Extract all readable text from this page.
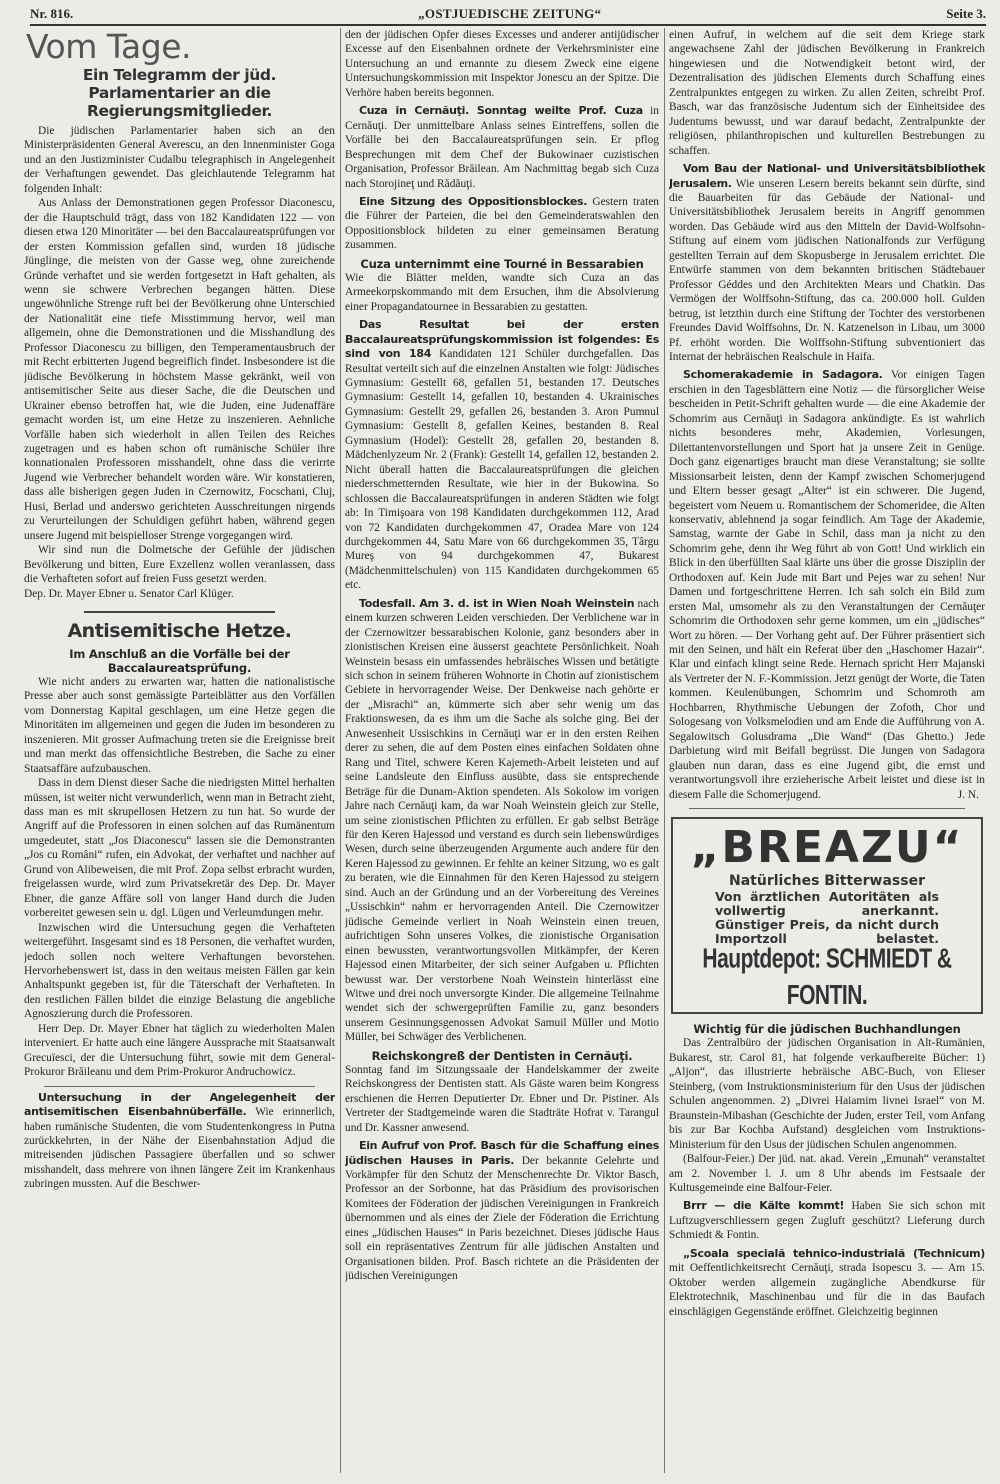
Nr. 816.	„OSTJUEDISCHE ZEITUNG“	Seite 3.
Vom Tage.
Ein Telegramm der jüd. Parlamentarier an die Regierungsmitglieder.

Die jüdischen Parlamentarier haben sich an den Ministerpräsidenten General Averescu, an den Innenminister Goga und an den Justizminister Cudalbu telegraphisch in Angelegenheit der Verhaftungen gewendet. Das gleichlautende Telegramm hat folgenden Inhalt:

Aus Anlass der Demonstrationen gegen Professor Diaconescu, der die Hauptschuld trägt, dass von 182 Kandidaten 122 — von diesen etwa 120 Minoritäter — bei den Baccalaureatsprüfungen vor der ersten Kommission gefallen sind, wurden 18 jüdische Jünglinge, die meisten von der Gasse weg, ohne zureichende Gründe verhaftet und sie werden fortgesetzt in Haft gehalten, als wenn sie schwere Verbrechen begangen hätten. Diese ungewöhnliche Strenge ruft bei der Bevölkerung ohne Unterschied der Nationalität eine tiefe Misstimmung hervor, weil man allgemein, ohne die Demonstrationen und die Misshandlung des Professor Diaconescu zu billigen, den Temperamentausbruch der mit Recht erbitterten Jugend begreiflich findet. Insbesondere ist die jüdische Bevölkerung in höchstem Masse gekränkt, weil von antisemitischer Seite aus dieser Sache, die die Deutschen und Ukrainer ebenso betroffen hat, wie die Juden, eine Judenaffäre gemacht worden ist, um eine Hetze zu inszenieren. Aehnliche Vorfälle haben sich wiederholt in allen Teilen des Reiches zugetragen und es haben schon oft rumänische Schüler ihre konnationalen Professoren misshandelt, ohne dass die verirrte Jugend wie Verbrecher behandelt worden wäre. Wir konstatieren, dass alle bisherigen gegen Juden in Czernowitz, Focschani, Cluj, Husi, Berlad und anderswo gerichteten Ausschreitungen nirgends zu Verurteilungen der Schuldigen geführt haben, während gegen unsere Jugend mit beispielloser Strenge vorgegangen wird.

Wir sind nun die Dolmetsche der Gefühle der jüdischen Bevölkerung und bitten, Eure Exzellenz wollen veranlassen, dass die Verhafteten sofort auf freien Fuss gesetzt werden.

Dep. Dr. Mayer Ebner u. Senator Carl Klüger.

Antisemitische Hetze.
Im Anschluß an die Vorfälle bei der Baccalaureatsprüfung.

Wie nicht anders zu erwarten war, hatten die nationalistische Presse aber auch sonst gemässigte Parteiblätter aus den Vorfällen vom Donnerstag Kapital geschlagen, um eine Hetze gegen die Minoritäten im allgemeinen und gegen die Juden im besonderen zu inszenieren. Mit grosser Aufmachung treten sie die Ereignisse breit und man merkt das offensichtliche Bestreben, die Sache zu einer Staatsaffäre aufzubauschen.

Dass in dem Dienst dieser Sache die niedrigsten Mittel herhalten müssen, ist weiter nicht verwunderlich, wenn man in Betracht zieht, dass man es mit skrupellosen Hetzern zu tun hat. So wurde der Angriff auf die Professoren in einen solchen auf das Rumänentum umgedeutet, statt „Jos Diaconescu“ lassen sie die Demonstranten „Jos cu Români“ rufen, ein Advokat, der verhaftet und nachher auf Grund von Alibeweisen, die mit Prof. Zopa selbst erbracht wurden, freigelassen wurde, wird zum Privatsekretär des Dep. Dr. Mayer Ebner, die ganze Affäre soll von langer Hand durch die Juden vorbereitet gewesen sein u. dgl. Lügen und Verleumdungen mehr.

Inzwischen wird die Untersuchung gegen die Verhafteten weitergeführt. Insgesamt sind es 18 Personen, die verhaftet wurden, jedoch sollen noch weitere Verhaftungen bevorstehen. Hervorhebenswert ist, dass in den weitaus meisten Fällen gar kein Anhaltspunkt gegeben ist, für die Täterschaft der Verhafteten. In den restlichen Fällen bildet die einzige Belastung die angebliche Agnoszierung durch die Professoren.

Herr Dep. Dr. Mayer Ebner hat täglich zu wiederholten Malen interveniert. Er hatte auch eine längere Aussprache mit Staatsanwalt Grecuïesci, der die Untersuchung führt, sowie mit dem General-Prokuror Brăileanu und dem Prim-Prokuror Andruchowicz.

Untersuchung in der Angelegenheit der antisemitischen Eisenbahnüberfälle. Wie erinnerlich, haben rumänische Studenten, die vom Studentenkongress in Putna zurückkehrten, in der Nähe der Eisenbahnstation Adjud die mitreisenden jüdischen Passagiere überfallen und so schwer misshandelt, dass mehrere von ihnen längere Zeit im Krankenhaus zubringen mussten. Auf die Beschwer-

den der jüdischen Opfer dieses Excesses und anderer antijüdischer Excesse auf den Eisenbahnen ordnete der Verkehrsminister eine Untersuchung an und ernannte zu diesem Zweck eine eigene Untersuchungskommission mit Inspektor Jonescu an der Spitze. Die Verhöre haben bereits begonnen.

Cuza in Cernăuţi. Sonntag weilte Prof. Cuza in Cernăuţi. Der unmittelbare Anlass seines Eintreffens, sollen die Vorfälle bei den Baccalaureatsprüfungen sein. Er pflog Besprechungen mit dem Chef der Bukowinaer cuzistischen Organisation, Professor Brăilean. Am Nachmittag begab sich Cuza nach Storojineţ und Rădăuţi.

Eine Sitzung des Oppositionsblockes. Gestern traten die Führer der Parteien, die bei den Gemeinderatswahlen den Oppositionsblock bildeten zu einer gemeinsamen Beratung zusammen.

Cuza unternimmt eine Tourné in Bessarabien

Wie die Blätter melden, wandte sich Cuza an das Armeekorpskommando mit dem Ersuchen, ihm die Absolvierung einer Propagandatournee in Bessarabien zu gestatten.

Das Resultat bei der ersten Baccalaureatsprüfungskommission ist folgendes: Es sind von 184 Kandidaten 121 Schüler durchgefallen. Das Resultat verteilt sich auf die einzelnen Anstalten wie folgt: Jüdisches Gymnasium: Gestellt 68, gefallen 51, bestanden 17. Deutsches Gymnasium: Gestellt 14, gefallen 10, bestanden 4. Ukrainisches Gymnasium: Gestellt 29, gefallen 26, bestanden 3. Aron Pumnul Gymnasium: Gestellt 8, gefallen Keines, bestanden 8. Real Gymnasium (Hodel): Gestellt 28, gefallen 20, bestanden 8. Mädchenlyzeum Nr. 2 (Frank): Gestellt 14, gefallen 12, bestanden 2. Nicht überall hatten die Baccalaureatsprüfungen die gleichen niederschmetternden Resultate, wie hier in der Bukowina. So schlossen die Baccalaureatsprüfungen in anderen Städten wie folgt ab: In Timişoara von 198 Kandidaten durchgekommen 112, Arad von 72 Kandidaten durchgekommen 47, Oradea Mare von 124 durchgekommen 44, Satu Mare von 66 durchgekommen 35, Târgu Mureş von 94 durchgekommen 47, Bukarest (Mädchenmittelschulen) von 115 Kandidaten durchgekommen 65 etc.

Todesfall. Am 3. d. ist in Wien Noah Weinstein nach einem kurzen schweren Leiden verschieden. Der Verblichene war in der Czernowitzer bessarabischen Kolonie, ganz besonders aber in zionistischen Kreisen eine äusserst geachtete Persönlichkeit. Noah Weinstein besass ein umfassendes hebräisches Wissen und betätigte sich schon in seinem früheren Wohnorte in Chotin auf zionistischem Gebiete in hervorragender Weise. Der Denkweise nach gehörte er der „Misrachi“ an, kümmerte sich aber sehr wenig um das Fraktionswesen, da es ihm um die Sache als solche ging. Bei der Anwesenheit Ussischkins in Cernăuţi war er in den ersten Reihen derer zu sehen, die auf dem Posten eines einfachen Soldaten ohne Rang und Titel, schwere Keren Kajemeth-Arbeit leisteten und auf seine Landsleute den Einfluss ausübte, dass sie entsprechende Beträge für die Dunam-Aktion spendeten. Als Sokolow im vorigen Jahre nach Cernăuţi kam, da war Noah Weinstein gleich zur Stelle, um seine zionistischen Pflichten zu erfüllen. Er gab selbst Beträge für den Keren Hajessod und verstand es durch sein liebenswürdiges Wesen, durch seine überzeugenden Argumente auch andere für den Keren Hajessod zu gewinnen. Er fehlte an keiner Sitzung, wo es galt zu beraten, wie die Einnahmen für den Keren Hajessod zu steigern sind. Auch an der Gründung und an der Vorbereitung des Vereines „Ussischkin“ nahm er hervorragenden Anteil. Die Czernowitzer jüdische Gemeinde verliert in Noah Weinstein einen treuen, aufrichtigen Sohn unseres Volkes, die zionistische Organisation einen bewussten, verantwortungsvollen Mitkämpfer, der Keren Hajessod einen Mitarbeiter, der sich seiner Aufgaben u. Pflichten bewusst war. Der verstorbene Noah Weinstein hinterlässt eine Witwe und drei noch unversorgte Kinder. Die allgemeine Teilnahme wendet sich der schwergeprüften Familie zu, ganz besonders unserem Gesinnungsgenossen Advokat Samuil Müller und Motio Müller, bei Schwäger des Verblichenen.

Reichskongreß der Dentisten in Cernăuţi.

Sonntag fand im Sitzungssaale der Handelskammer der zweite Reichskongress der Dentisten statt. Als Gäste waren beim Kongress erschienen die Herren Deputierter Dr. Ebner und Dr. Pistiner. Als Vertreter der Stadtgemeinde waren die Stadträte Hofrat v. Tarangul und Dr. Kassner anwesend.

Ein Aufruf von Prof. Basch für die Schaffung eines jüdischen Hauses in Paris. Der bekannte Gelehrte und Vorkämpfer für den Schutz der Menschenrechte Dr. Viktor Basch, Professor an der Sorbonne, hat das Präsidium des provisorischen Komitees der Föderation der jüdischen Vereinigungen in Frankreich übernommen und als eines der Ziele der Föderation die Errichtung eines „Jüdischen Hauses“ in Paris bezeichnet. Dieses jüdische Haus soll ein repräsentatives Zentrum für alle jüdischen Anstalten und Organisationen bilden. Prof. Basch richtete an die Präsidenten der jüdischen Vereinigungen

einen Aufruf, in welchem auf die seit dem Kriege stark angewachsene Zahl der jüdischen Bevölkerung in Frankreich hingewiesen und die Notwendigkeit betont wird, der Dezentralisation des jüdischen Elements durch Schaffung eines Zentralpunktes entgegen zu wirken. Zu allen Zeiten, schreibt Prof. Basch, war das französische Judentum sich der Einheitsidee des Judentums bewusst, und war darauf bedacht, Zentralpunkte der religiösen, philanthropischen und kulturellen Bestrebungen zu schaffen.

Vom Bau der National- und Universitätsbibliothek Jerusalem. Wie unseren Lesern bereits bekannt sein dürfte, sind die Bauarbeiten für das Gebäude der National- und Universitätsbibliothek Jerusalem bereits in Angriff genommen worden. Das Gebäude wird aus den Mitteln der David-Wolfsohn-Stiftung auf einem vom jüdischen Nationalfonds zur Verfügung gestellten Terrain auf dem Skopusberge in Jerusalem errichtet. Die Entwürfe stammen von dem bekannten britischen Städtebauer Professor Géddes und den Architekten Mears und Chatkin. Das Vermögen der Wolffsohn-Stiftung, das ca. 200.000 holl. Gulden betrug, ist letzthin durch eine Stiftung der Tochter des verstorbenen Freundes David Wolffsohns, Dr. N. Katzenelson in Libau, um 3000 Pf. erhöht worden. Die Wolffsohn-Stiftung subventioniert das Internat der hebräischen Realschule in Haifa.

Schomerakademie in Sadagora. Vor einigen Tagen erschien in den Tagesblättern eine Notiz — die fürsorglicher Weise bescheiden in Petit-Schrift gehalten wurde — die eine Akademie der Schomrim aus Cernăuţi in Sadagora ankündigte. Es ist wahrlich nichts besonderes mehr, Akademien, Vorlesungen, Dilettantenvorstellungen und Sport hat ja unsere Zeit in Genüge. Doch ganz eigenartiges braucht man diese Veranstaltung; sie sollte Missionsarbeit leisten, denn der Kampf zwischen Schomerjugend und Eltern besser gesagt „Alter“ ist ein schwerer. Die Jugend, begeistert vom Neuem u. Romantischem der Schomeridee, die Alten konservativ, ablehnend ja sogar feindlich. Am Tage der Akademie, Samstag, warnte der Gabe in Schil, dass man ja nicht zu den Schomrim gehe, denn ihr Weg führt ab von Gott! Und wirklich ein Blick in den überfüllten Saal klärte uns über die grosse Disziplin der Orthodoxen auf. Kein Jude mit Bart und Pejes war zu sehen! Nur Damen und fortgeschrittene Herren. Ich sah solch ein Bild zum ersten Mal, umsomehr als zu den Veranstaltungen der Cernăuţer Schomrim die Orthodoxen sehr gerne kommen, um ein „jüdisches“ Wort zu hören. — Der Vorhang geht auf. Der Führer präsentiert sich mit den Seinen, und hält ein Referat über den „Haschomer Hazair“. Klar und einfach klingt seine Rede. Hernach spricht Herr Majanski als Vertreter der N. F.-Kommission. Jetzt genügt der Worte, die Taten kommen. Keulenübungen, Schomrim und Schomroth am Hochbarren, Rhythmische Uebungen der Zofoth, Chor und Sologesang von Volksmelodien und am Ende die Aufführung von A. Segalowitsch Golusdrama „Die Wand“ (Das Ghetto.) Jede Darbietung wird mit Beifall begrüsst. Die Jungen von Sadagora glauben nun daran, dass es eine Jugend gibt, die ernst und verantwortungsvoll ihre erzieherische Arbeit leistet und diese ist in diesem Falle die Schomerjugend.	J. N.

„BREAZU“
Natürliches Bitterwasser
Von ärztlichen Autoritäten als vollwertig anerkannt. Günstiger Preis, da nicht durch Importzoll belastet.
Hauptdepot: SCHMIEDT & FONTIN.
Wichtig für die jüdischen Buchhandlungen

Das Zentralbüro der jüdischen Organisation in Alt-Rumänien, Bukarest, str. Carol 81, hat folgende verkaufbereite Bücher: 1) „Aljon“, das illustrierte hebräische ABC-Buch, von Elieser Steinberg, (vom Instruktionsministerium für den Usus der jüdischen Schulen angenommen. 2) „Divrei Haiamim livnei Israel“ von M. Braunstein-Mibashan (Geschichte der Juden, erster Teil, vom Anfang bis zur Bar Kochba Aufstand) desgleichen vom Instruktions-Ministerium für den Usus der jüdischen Schulen angenommen.

(Balfour-Feier.) Der jüd. nat. akad. Verein „Emunah“ veranstaltet am 2. November l. J. um 8 Uhr abends im Festsaale der Kultusgemeinde eine Balfour-Feier.

Brrr — die Kälte kommt! Haben Sie sich schon mit Luftzugverschliessern gegen Zugluft geschützt? Lieferung durch Schmiedt & Fontin.

„Scoala specială tehnico-industrială (Technicum) mit Oeffentlichkeitsrecht Cernăuţi, strada Isopescu 3. — Am 15. Oktober werden allgemein zugängliche Abendkurse für Elektrotechnik, Maschinenbau und für die in das Baufach einschlägigen Gegenstände eröffnet. Gleichzeitig beginnen
